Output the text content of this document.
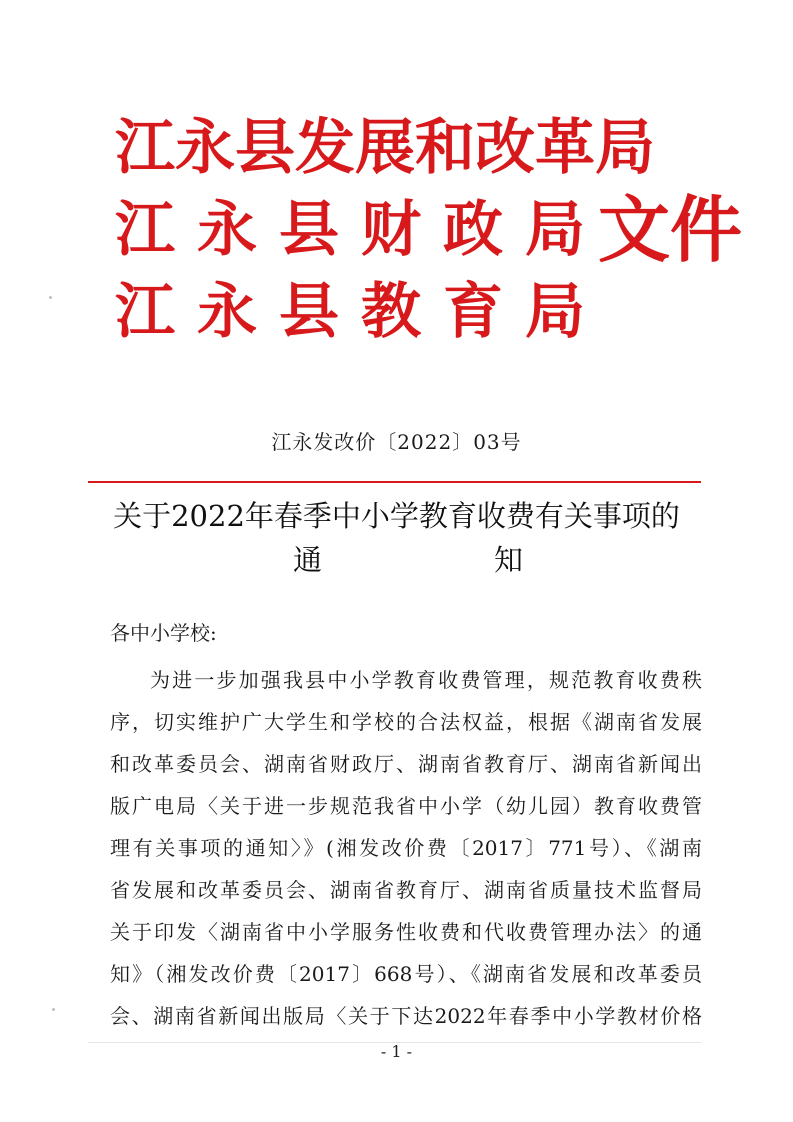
江 永 县 发 展 和 改 革 局
江 永 县 财 政 局
江 永 县 教 育 局
文件
江永发改价〔2022〕03号
关于2022年春季中小学教育收费有关事项的
通	知
各中小学校:
为进一步加强我县中小学教育收费管理，规范教育收费秩
序，切实维护广大学生和学校的合法权益，根据《湖南省发展
和改革委员会、湖南省财政厅、湖南省教育厅、湖南省新闻出
版广电局〈关于进一步规范我省中小学（幼儿园）教育收费管
理有关事项的通知〉》(湘发改价费〔2017〕771号）、《湖南
省发展和改革委员会、湖南省教育厅、湖南省质量技术监督局
关于印发〈湖南省中小学服务性收费和代收费管理办法〉的通
知》（湘发改价费〔2017〕668号）、《湖南省发展和改革委员
会、湖南省新闻出版局〈关于下达2022年春季中小学教材价格
- 1 -
